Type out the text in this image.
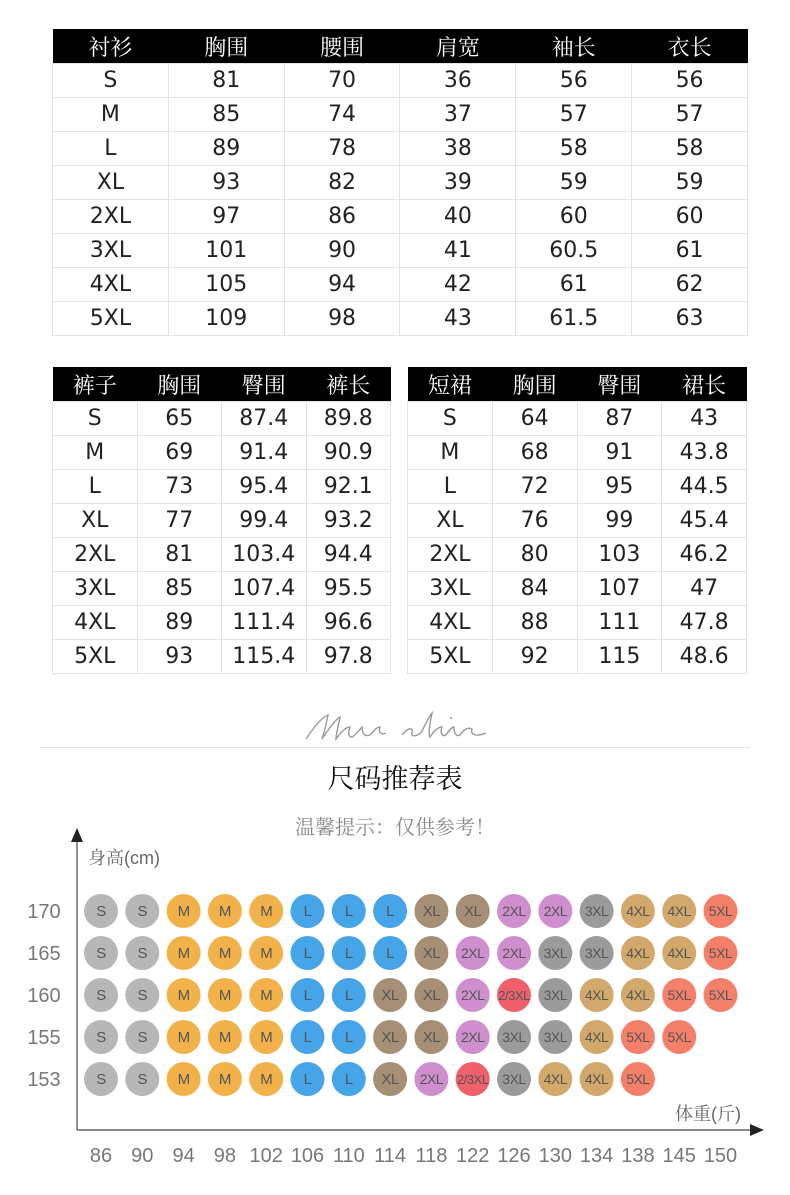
衬衫	胸围	腰围	肩宽	袖长	衣长
S	81	70	36	56	56
M	85	74	37	57	57
L	89	78	38	58	58
XL	93	82	39	59	59
2XL	97	86	40	60	60
3XL	101	90	41	60.5	61
4XL	105	94	42	61	62
5XL	109	98	43	61.5	63
裤子	胸围	臀围	裤长
S	65	87.4	89.8
M	69	91.4	90.9
L	73	95.4	92.1
XL	77	99.4	93.2
2XL	81	103.4	94.4
3XL	85	107.4	95.5
4XL	89	111.4	96.6
5XL	93	115.4	97.8
短裙	胸围	臀围	裙长
S	64	87	43
M	68	91	43.8
L	72	95	44.5
XL	76	99	45.4
2XL	80	103	46.2
3XL	84	107	47
4XL	88	111	47.8
5XL	92	115	48.6
尺码推荐表
温馨提示：仅供参考！
身高(cm)
体重(斤)
170
165
160
155
153
86 90 94 98 102 106 110 114 118 122 126 130 134 138 145 150
S S M M M L L L XL XL 2XL 2XL 3XL 4XL 4XL 5XL
S S M M M L L L XL 2XL 2XL 3XL 3XL 4XL 4XL 5XL
S S M M M L L XL XL 2XL 2/3XL 3XL 4XL 4XL 5XL 5XL
S S M M M L L XL XL 2XL 3XL 3XL 4XL 5XL 5XL
S S M M M L L XL 2XL 2/3XL 3XL 4XL 4XL 5XL
